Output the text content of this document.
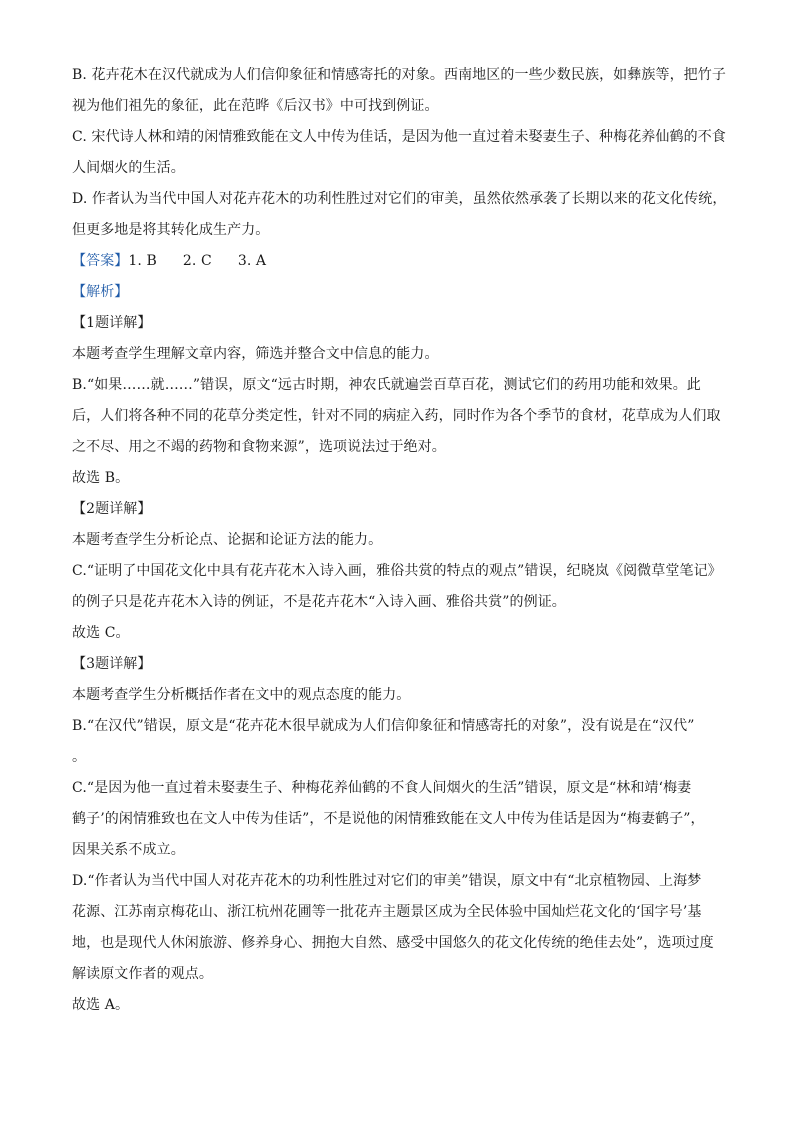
B. 花卉花木在汉代就成为人们信仰象征和情感寄托的对象。西南地区的一些少数民族，如彝族等，把竹子
视为他们祖先的象征，此在范晔《后汉书》中可找到例证。
C. 宋代诗人林和靖的闲情雅致能在文人中传为佳话，是因为他一直过着未娶妻生子、种梅花养仙鹤的不食
人间烟火的生活。
D. 作者认为当代中国人对花卉花木的功利性胜过对它们的审美，虽然依然承袭了长期以来的花文化传统，
但更多地是将其转化成生产力。
【答案】1. B 2. C 3. A
【解析】
【1题详解】
本题考查学生理解文章内容，筛选并整合文中信息的能力。
B.“如果……就……”错误，原文“远古时期，神农氏就遍尝百草百花，测试它们的药用功能和效果。此
后，人们将各种不同的花草分类定性，针对不同的病症入药，同时作为各个季节的食材，花草成为人们取
之不尽、用之不竭的药物和食物来源”，选项说法过于绝对。
故选 B。
【2题详解】
本题考查学生分析论点、论据和论证方法的能力。
C.“证明了中国花文化中具有花卉花木入诗入画，雅俗共赏的特点的观点”错误，纪晓岚《阅微草堂笔记》
的例子只是花卉花木入诗的例证，不是花卉花木“入诗入画、雅俗共赏”的例证。
故选 C。
【3题详解】
本题考查学生分析概括作者在文中的观点态度的能力。
B.“在汉代”错误，原文是“花卉花木很早就成为人们信仰象征和情感寄托的对象”，没有说是在“汉代”
。
C.“是因为他一直过着未娶妻生子、种梅花养仙鹤的不食人间烟火的生活”错误，原文是“林和靖‘梅妻
鹤子’的闲情雅致也在文人中传为佳话”，不是说他的闲情雅致能在文人中传为佳话是因为“梅妻鹤子”，
因果关系不成立。
D.“作者认为当代中国人对花卉花木的功利性胜过对它们的审美”错误，原文中有“北京植物园、上海梦
花源、江苏南京梅花山、浙江杭州花圃等一批花卉主题景区成为全民体验中国灿烂花文化的‘国字号’基
地，也是现代人休闲旅游、修养身心、拥抱大自然、感受中国悠久的花文化传统的绝佳去处”，选项过度
解读原文作者的观点。
故选 A。
